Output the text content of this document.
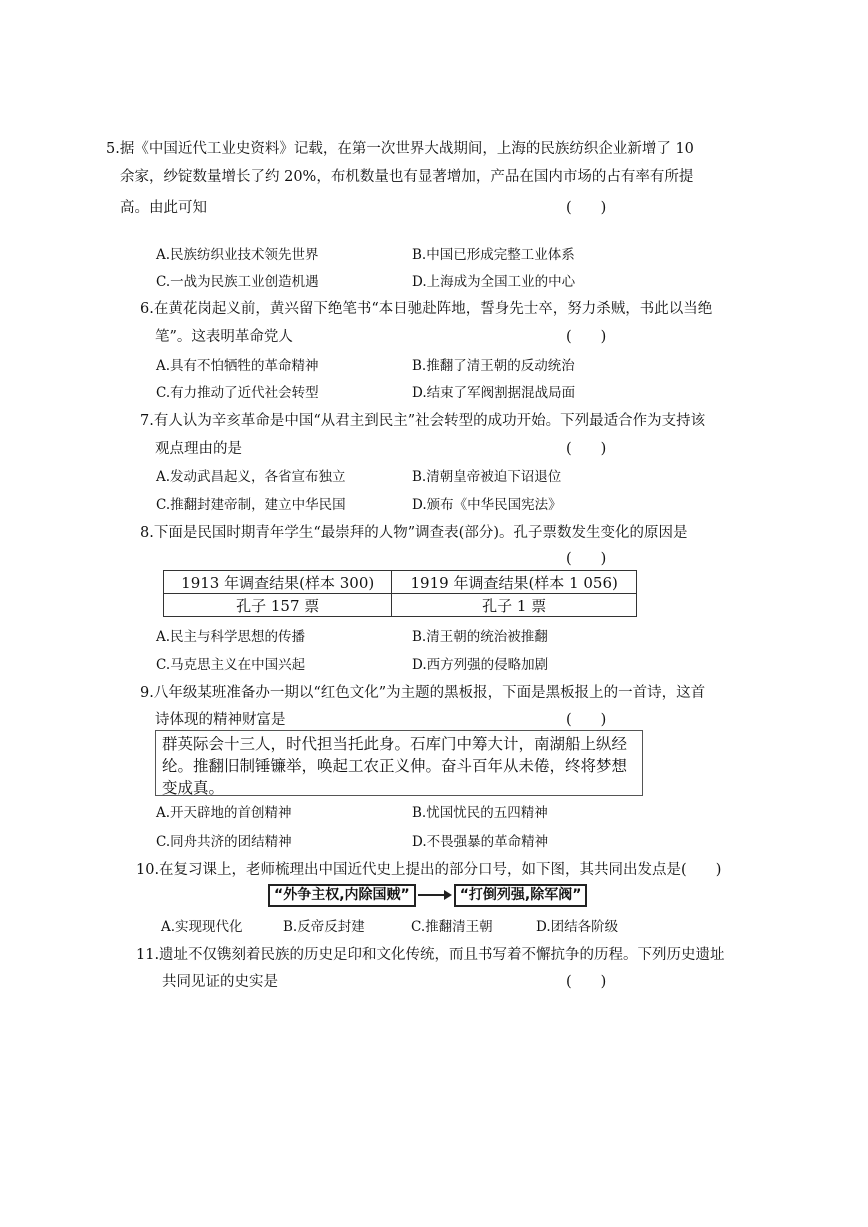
5.据《中国近代工业史资料》记载，在第一次世界大战期间，上海的民族纺织企业新增了 10
余家，纱锭数量增长了约 20%，布机数量也有显著增加，产品在国内市场的占有率有所提
高。由此可知	(　　)
A.民族纺织业技术领先世界	B.中国已形成完整工业体系
C.一战为民族工业创造机遇	D.上海成为全国工业的中心
6.在黄花岗起义前，黄兴留下绝笔书“本日驰赴阵地，誓身先士卒，努力杀贼，书此以当绝
笔”。这表明革命党人	(　　)
A.具有不怕牺牲的革命精神	B.推翻了清王朝的反动统治
C.有力推动了近代社会转型	D.结束了军阀割据混战局面
7.有人认为辛亥革命是中国“从君主到民主”社会转型的成功开始。下列最适合作为支持该
观点理由的是	(　　)
A.发动武昌起义，各省宣布独立	B.清朝皇帝被迫下诏退位
C.推翻封建帝制，建立中华民国	D.颁布《中华民国宪法》
8.下面是民国时期青年学生“最崇拜的人物”调查表(部分)。孔子票数发生变化的原因是
(　　)
1913 年调查结果(样本 300)	1919 年调查结果(样本 1 056)
孔子 157 票	孔子 1 票
A.民主与科学思想的传播	B.清王朝的统治被推翻
C.马克思主义在中国兴起	D.西方列强的侵略加剧
9.八年级某班准备办一期以“红色文化”为主题的黑板报，下面是黑板报上的一首诗，这首
诗体现的精神财富是	(　　)
群英际会十三人，时代担当托此身。石库门中筹大计，南湖船上纵经纶。推翻旧制锤镰举，唤起工农正义伸。奋斗百年从未倦，终将梦想变成真。
A.开天辟地的首创精神	B.忧国忧民的五四精神
C.同舟共济的团结精神	D.不畏强暴的革命精神
10.在复习课上，老师梳理出中国近代史上提出的部分口号，如下图，其共同出发点是(　　)
“外争主权,内除国贼”	“打倒列强,除军阀”
A.实现现代化	B.反帝反封建	C.推翻清王朝	D.团结各阶级
11.遗址不仅镌刻着民族的历史足印和文化传统，而且书写着不懈抗争的历程。下列历史遗址
共同见证的史实是	(　　)
